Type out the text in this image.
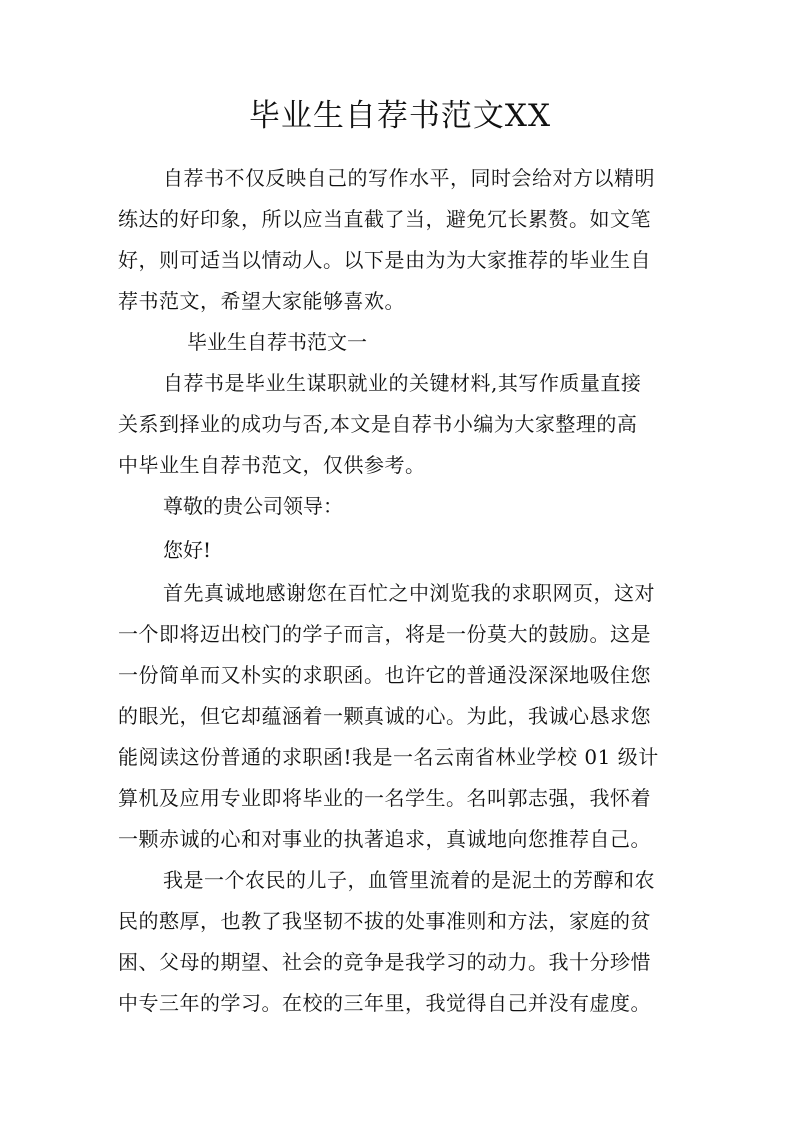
毕业生自荐书范文XX
自荐书不仅反映自己的写作水平，同时会给对方以精明
练达的好印象，所以应当直截了当，避免冗长累赘。如文笔
好，则可适当以情动人。以下是由为为大家推荐的毕业生自
荐书范文，希望大家能够喜欢。
毕业生自荐书范文一
自荐书是毕业生谋职就业的关键材料,其写作质量直接
关系到择业的成功与否,本文是自荐书小编为大家整理的高
中毕业生自荐书范文，仅供参考。
尊敬的贵公司领导：
您好!
首先真诚地感谢您在百忙之中浏览我的求职网页，这对
一个即将迈出校门的学子而言，将是一份莫大的鼓励。这是
一份简单而又朴实的求职函。也许它的普通没深深地吸住您
的眼光，但它却蕴涵着一颗真诚的心。为此，我诚心恳求您
能阅读这份普通的求职函!我是一名云南省林业学校 01 级计
算机及应用专业即将毕业的一名学生。名叫郭志强，我怀着
一颗赤诚的心和对事业的执著追求，真诚地向您推荐自己。
我是一个农民的儿子，血管里流着的是泥土的芳醇和农
民的憨厚，也教了我坚韧不拔的处事准则和方法，家庭的贫
困、父母的期望、社会的竞争是我学习的动力。我十分珍惜
中专三年的学习。在校的三年里，我觉得自己并没有虚度。
